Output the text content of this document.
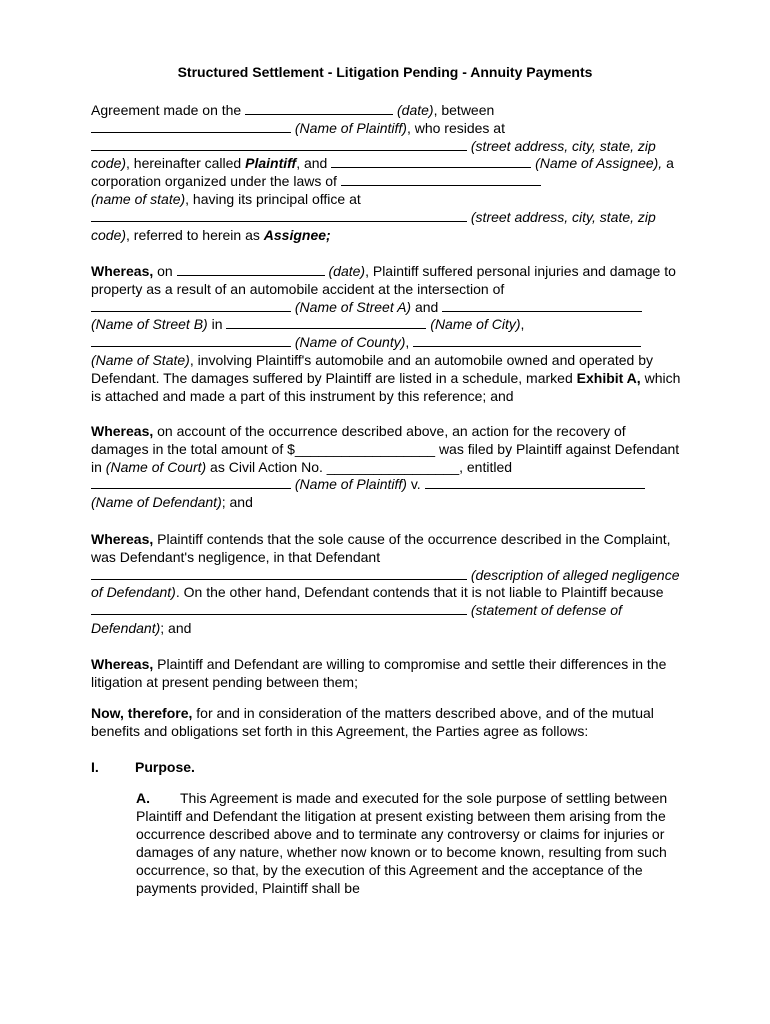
Structured Settlement - Litigation Pending - Annuity Payments

Agreement made on the	(date), between
(Name of Plaintiff), who resides at
(street address, city, state, zip code), hereinafter called Plaintiff, and	(Name of Assignee), a corporation organized under the laws of
(name of state), having its principal office at  (street address, city, state, zip code), referred to herein as Assignee;

Whereas, on	(date), Plaintiff suffered personal injuries and damage to property as a result of an automobile accident at the intersection of  (Name of Street A) and  (Name of Street B) in	(Name of City),  (Name of County),  (Name of State), involving Plaintiff's automobile and an automobile owned and operated by Defendant. The damages suffered by Plaintiff are listed in a schedule, marked Exhibit A, which is attached and made a part of this instrument by this reference; and

Whereas, on account of the occurrence described above, an action for the recovery of damages in the total amount of $__________________ was filed by Plaintiff against Defendant in (Name of Court) as Civil Action No. _________________, entitled  (Name of Plaintiff) v.  (Name of Defendant); and

Whereas, Plaintiff contends that the sole cause of the occurrence described in the Complaint, was Defendant's negligence, in that Defendant  (description of alleged negligence of Defendant). On the other hand, Defendant contends that it is not liable to Plaintiff because  (statement of defense of Defendant); and

Whereas, Plaintiff and Defendant are willing to compromise and settle their differences in the litigation at present pending between them;

Now, therefore, for and in consideration of the matters described above, and of the mutual benefits and obligations set forth in this Agreement, the Parties agree as follows:

I.	Purpose.
A. This Agreement is made and executed for the sole purpose of settling between Plaintiff and Defendant the litigation at present existing between them arising from the occurrence described above and to terminate any controversy or claims for injuries or damages of any nature, whether now known or to become known, resulting from such occurrence, so that, by the execution of this Agreement and the acceptance of the payments provided, Plaintiff shall be
